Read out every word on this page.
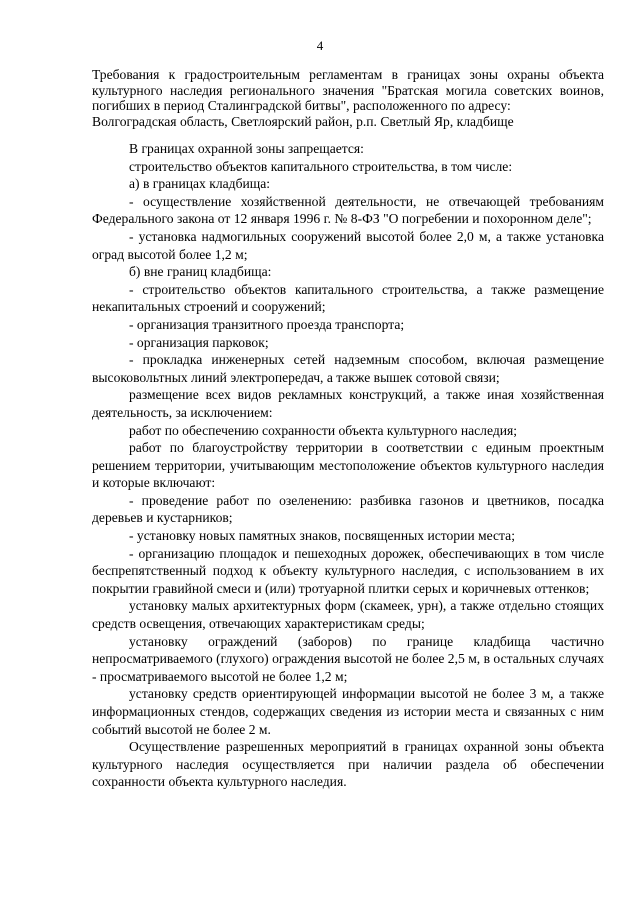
4
Требования к градостроительным регламентам в границах зоны охраны объекта культурного наследия регионального значения "Братская могила советских воинов, погибших в период Сталинградской битвы", расположенного по адресу:
Волгоградская область, Светлоярский район, р.п. Светлый Яр, кладбище

В границах охранной зоны запрещается:

строительство объектов капитального строительства, в том числе:

а) в границах кладбища:

- осуществление хозяйственной деятельности, не отвечающей требованиям Федерального закона от 12 января 1996 г. № 8-ФЗ "О погребении и похоронном деле";

- установка надмогильных сооружений высотой более 2,0 м, а также установка оград высотой более 1,2 м;

б) вне границ кладбища:

- строительство объектов капитального строительства, а также размещение некапитальных строений и сооружений;

- организация транзитного проезда транспорта;

- организация парковок;

- прокладка инженерных сетей надземным способом, включая размещение высоковольтных линий электропередач, а также вышек сотовой связи;

размещение всех видов рекламных конструкций, а также иная хозяйственная деятельность, за исключением:

работ по обеспечению сохранности объекта культурного наследия;

работ по благоустройству территории в соответствии с единым проектным решением территории, учитывающим местоположение объектов культурного наследия и которые включают:

- проведение работ по озеленению: разбивка газонов и цветников, посадка деревьев и кустарников;

- установку новых памятных знаков, посвященных истории места;

- организацию площадок и пешеходных дорожек, обеспечивающих в том числе беспрепятственный подход к объекту культурного наследия, с использованием в их покрытии гравийной смеси и (или) тротуарной плитки серых и коричневых оттенков;

установку малых архитектурных форм (скамеек, урн), а также отдельно стоящих средств освещения, отвечающих характеристикам среды;

установку ограждений (заборов) по границе кладбища частично непросматриваемого (глухого) ограждения высотой не более 2,5 м, в остальных случаях - просматриваемого высотой не более 1,2 м;

установку средств ориентирующей информации высотой не более 3 м, а также информационных стендов, содержащих сведения из истории места и связанных с ним событий высотой не более 2 м.

Осуществление разрешенных мероприятий в границах охранной зоны объекта культурного наследия осуществляется при наличии раздела об обеспечении сохранности объекта культурного наследия.
